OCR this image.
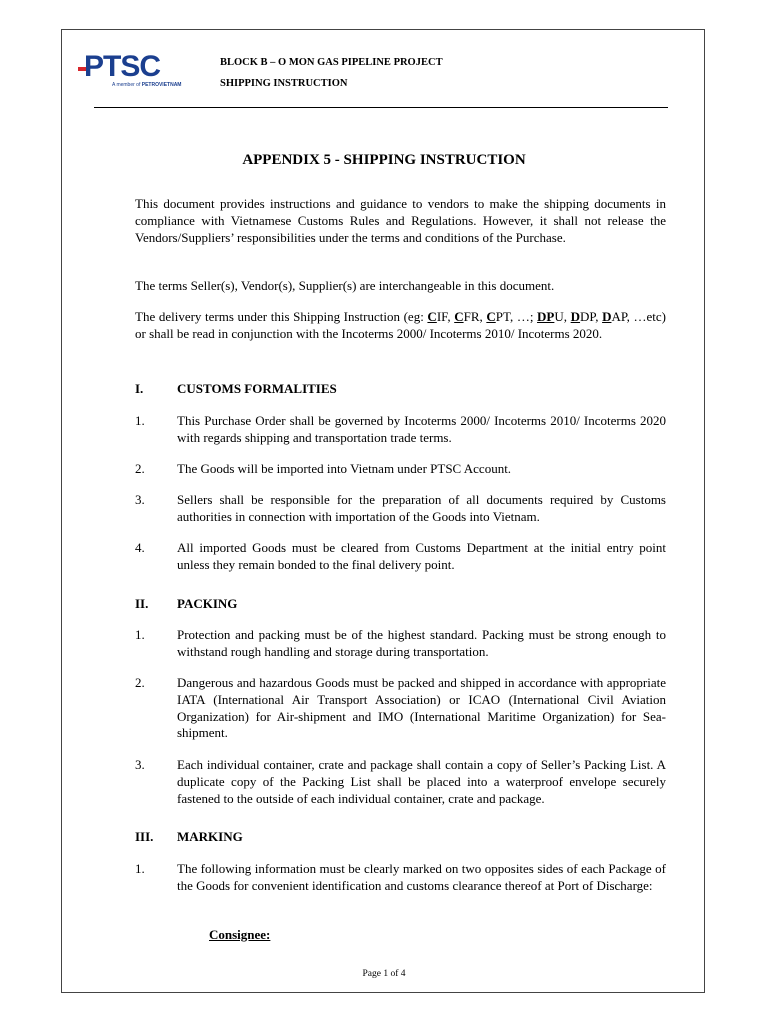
PTSC
A member of PETROVIETNAM
BLOCK B – O MON GAS PIPELINE PROJECT
SHIPPING INSTRUCTION
APPENDIX 5 - SHIPPING INSTRUCTION
This document provides instructions and guidance to vendors to make the shipping documents in compliance with Vietnamese Customs Rules and Regulations. However, it shall not release the Vendors/Suppliers’ responsibilities under the terms and conditions of the Purchase.
The terms Seller(s), Vendor(s), Supplier(s) are interchangeable in this document.
The delivery terms under this Shipping Instruction (eg: CIF, CFR, CPT, …; DPU, DDP, DAP, …etc) or shall be read in conjunction with the Incoterms 2000/ Incoterms 2010/ Incoterms 2020.
I.	CUSTOMS FORMALITIES
1. This Purchase Order shall be governed by Incoterms 2000/ Incoterms 2010/ Incoterms 2020 with regards shipping and transportation trade terms.
2. The Goods will be imported into Vietnam under PTSC Account.
3. Sellers shall be responsible for the preparation of all documents required by Customs authorities in connection with importation of the Goods into Vietnam.
4. All imported Goods must be cleared from Customs Department at the initial entry point unless they remain bonded to the final delivery point.
II. PACKING
1. Protection and packing must be of the highest standard. Packing must be strong enough to withstand rough handling and storage during transportation.
2. Dangerous and hazardous Goods must be packed and shipped in accordance with appropriate IATA (International Air Transport Association) or ICAO (International Civil Aviation Organization) for Air-shipment and IMO (International Maritime Organization) for Sea-shipment.
3. Each individual container, crate and package shall contain a copy of Seller’s Packing List. A duplicate copy of the Packing List shall be placed into a waterproof envelope securely fastened to the outside of each individual container, crate and package.
III. MARKING
1. The following information must be clearly marked on two opposites sides of each Package of the Goods for convenient identification and customs clearance thereof at Port of Discharge:
Consignee:
Page 1 of 4
